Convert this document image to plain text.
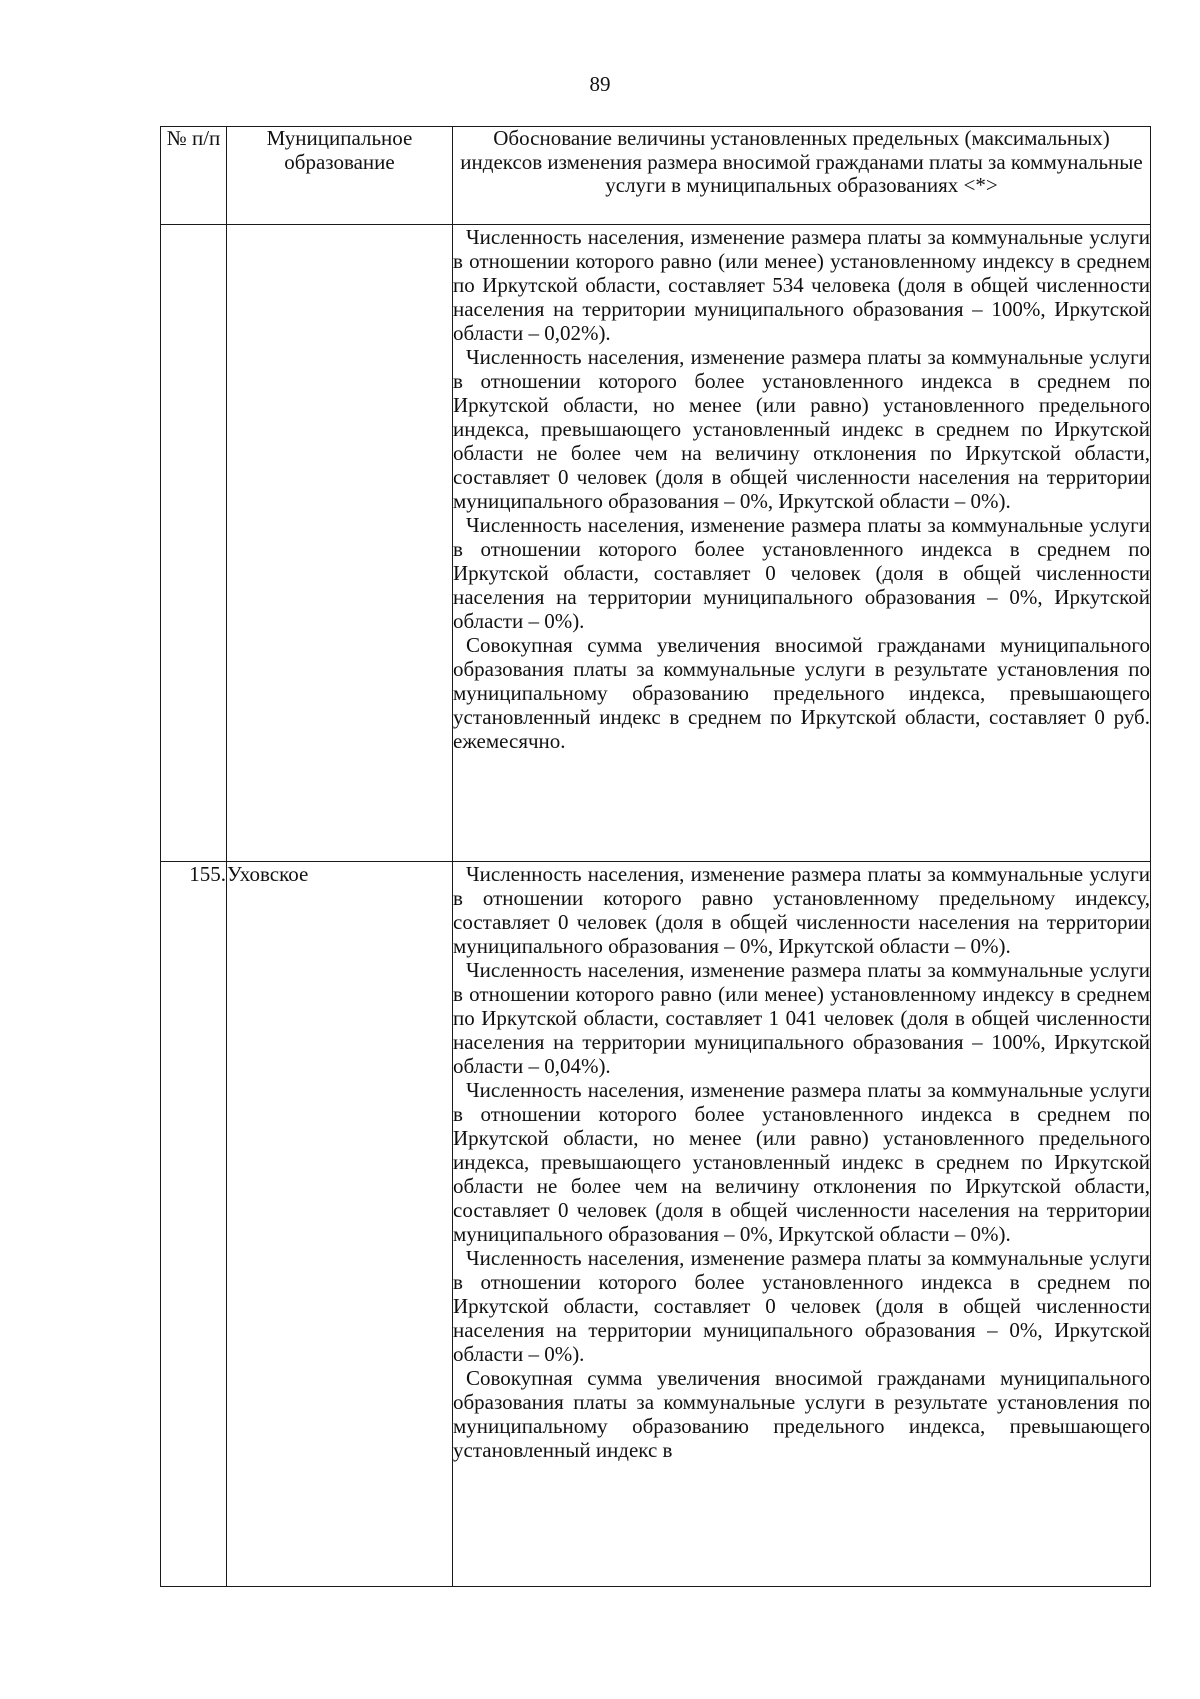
89
№ п/п	Муниципальное образование	Обоснование величины установленных предельных (максимальных) индексов изменения размера вносимой гражданами платы за коммунальные услуги в муниципальных образованиях <*>

		Численность населения, изменение размера платы за коммунальные услуги в отношении которого равно (или менее) установленному индексу в среднем по Иркутской области, составляет 534 человека (доля в общей численности населения на территории муниципального образования – 100%, Иркутской области – 0,02%).

Численность населения, изменение размера платы за коммунальные услуги в отношении которого более установленного индекса в среднем по Иркутской области, но менее (или равно) установленного предельного индекса, превышающего установленный индекс в среднем по Иркутской области не более чем на величину отклонения по Иркутской области, составляет 0 человек (доля в общей численности населения на территории муниципального образования – 0%, Иркутской области – 0%).

Численность населения, изменение размера платы за коммунальные услуги в отношении которого более установленного индекса в среднем по Иркутской области, составляет 0 человек (доля в общей численности населения на территории муниципального образования – 0%, Иркутской области – 0%).

Совокупная сумма увеличения вносимой гражданами муниципального образования платы за коммунальные услуги в результате установления по муниципальному образованию предельного индекса, превышающего установленный индекс в среднем по Иркутской области, составляет 0 руб. ежемесячно.

155.	Уховское	Численность населения, изменение размера платы за коммунальные услуги в отношении которого равно установленному предельному индексу, составляет 0 человек (доля в общей численности населения на территории муниципального образования – 0%, Иркутской области – 0%).

Численность населения, изменение размера платы за коммунальные услуги в отношении которого равно (или менее) установленному индексу в среднем по Иркутской области, составляет 1 041 человек (доля в общей численности населения на территории муниципального образования – 100%, Иркутской области – 0,04%).

Численность населения, изменение размера платы за коммунальные услуги в отношении которого более установленного индекса в среднем по Иркутской области, но менее (или равно) установленного предельного индекса, превышающего установленный индекс в среднем по Иркутской области не более чем на величину отклонения по Иркутской области, составляет 0 человек (доля в общей численности населения на территории муниципального образования – 0%, Иркутской области – 0%).

Численность населения, изменение размера платы за коммунальные услуги в отношении которого более установленного индекса в среднем по Иркутской области, составляет 0 человек (доля в общей численности населения на территории муниципального образования – 0%, Иркутской области – 0%).

Совокупная сумма увеличения вносимой гражданами муниципального образования платы за коммунальные услуги в результате установления по муниципальному образованию предельного индекса, превышающего установленный индекс в
